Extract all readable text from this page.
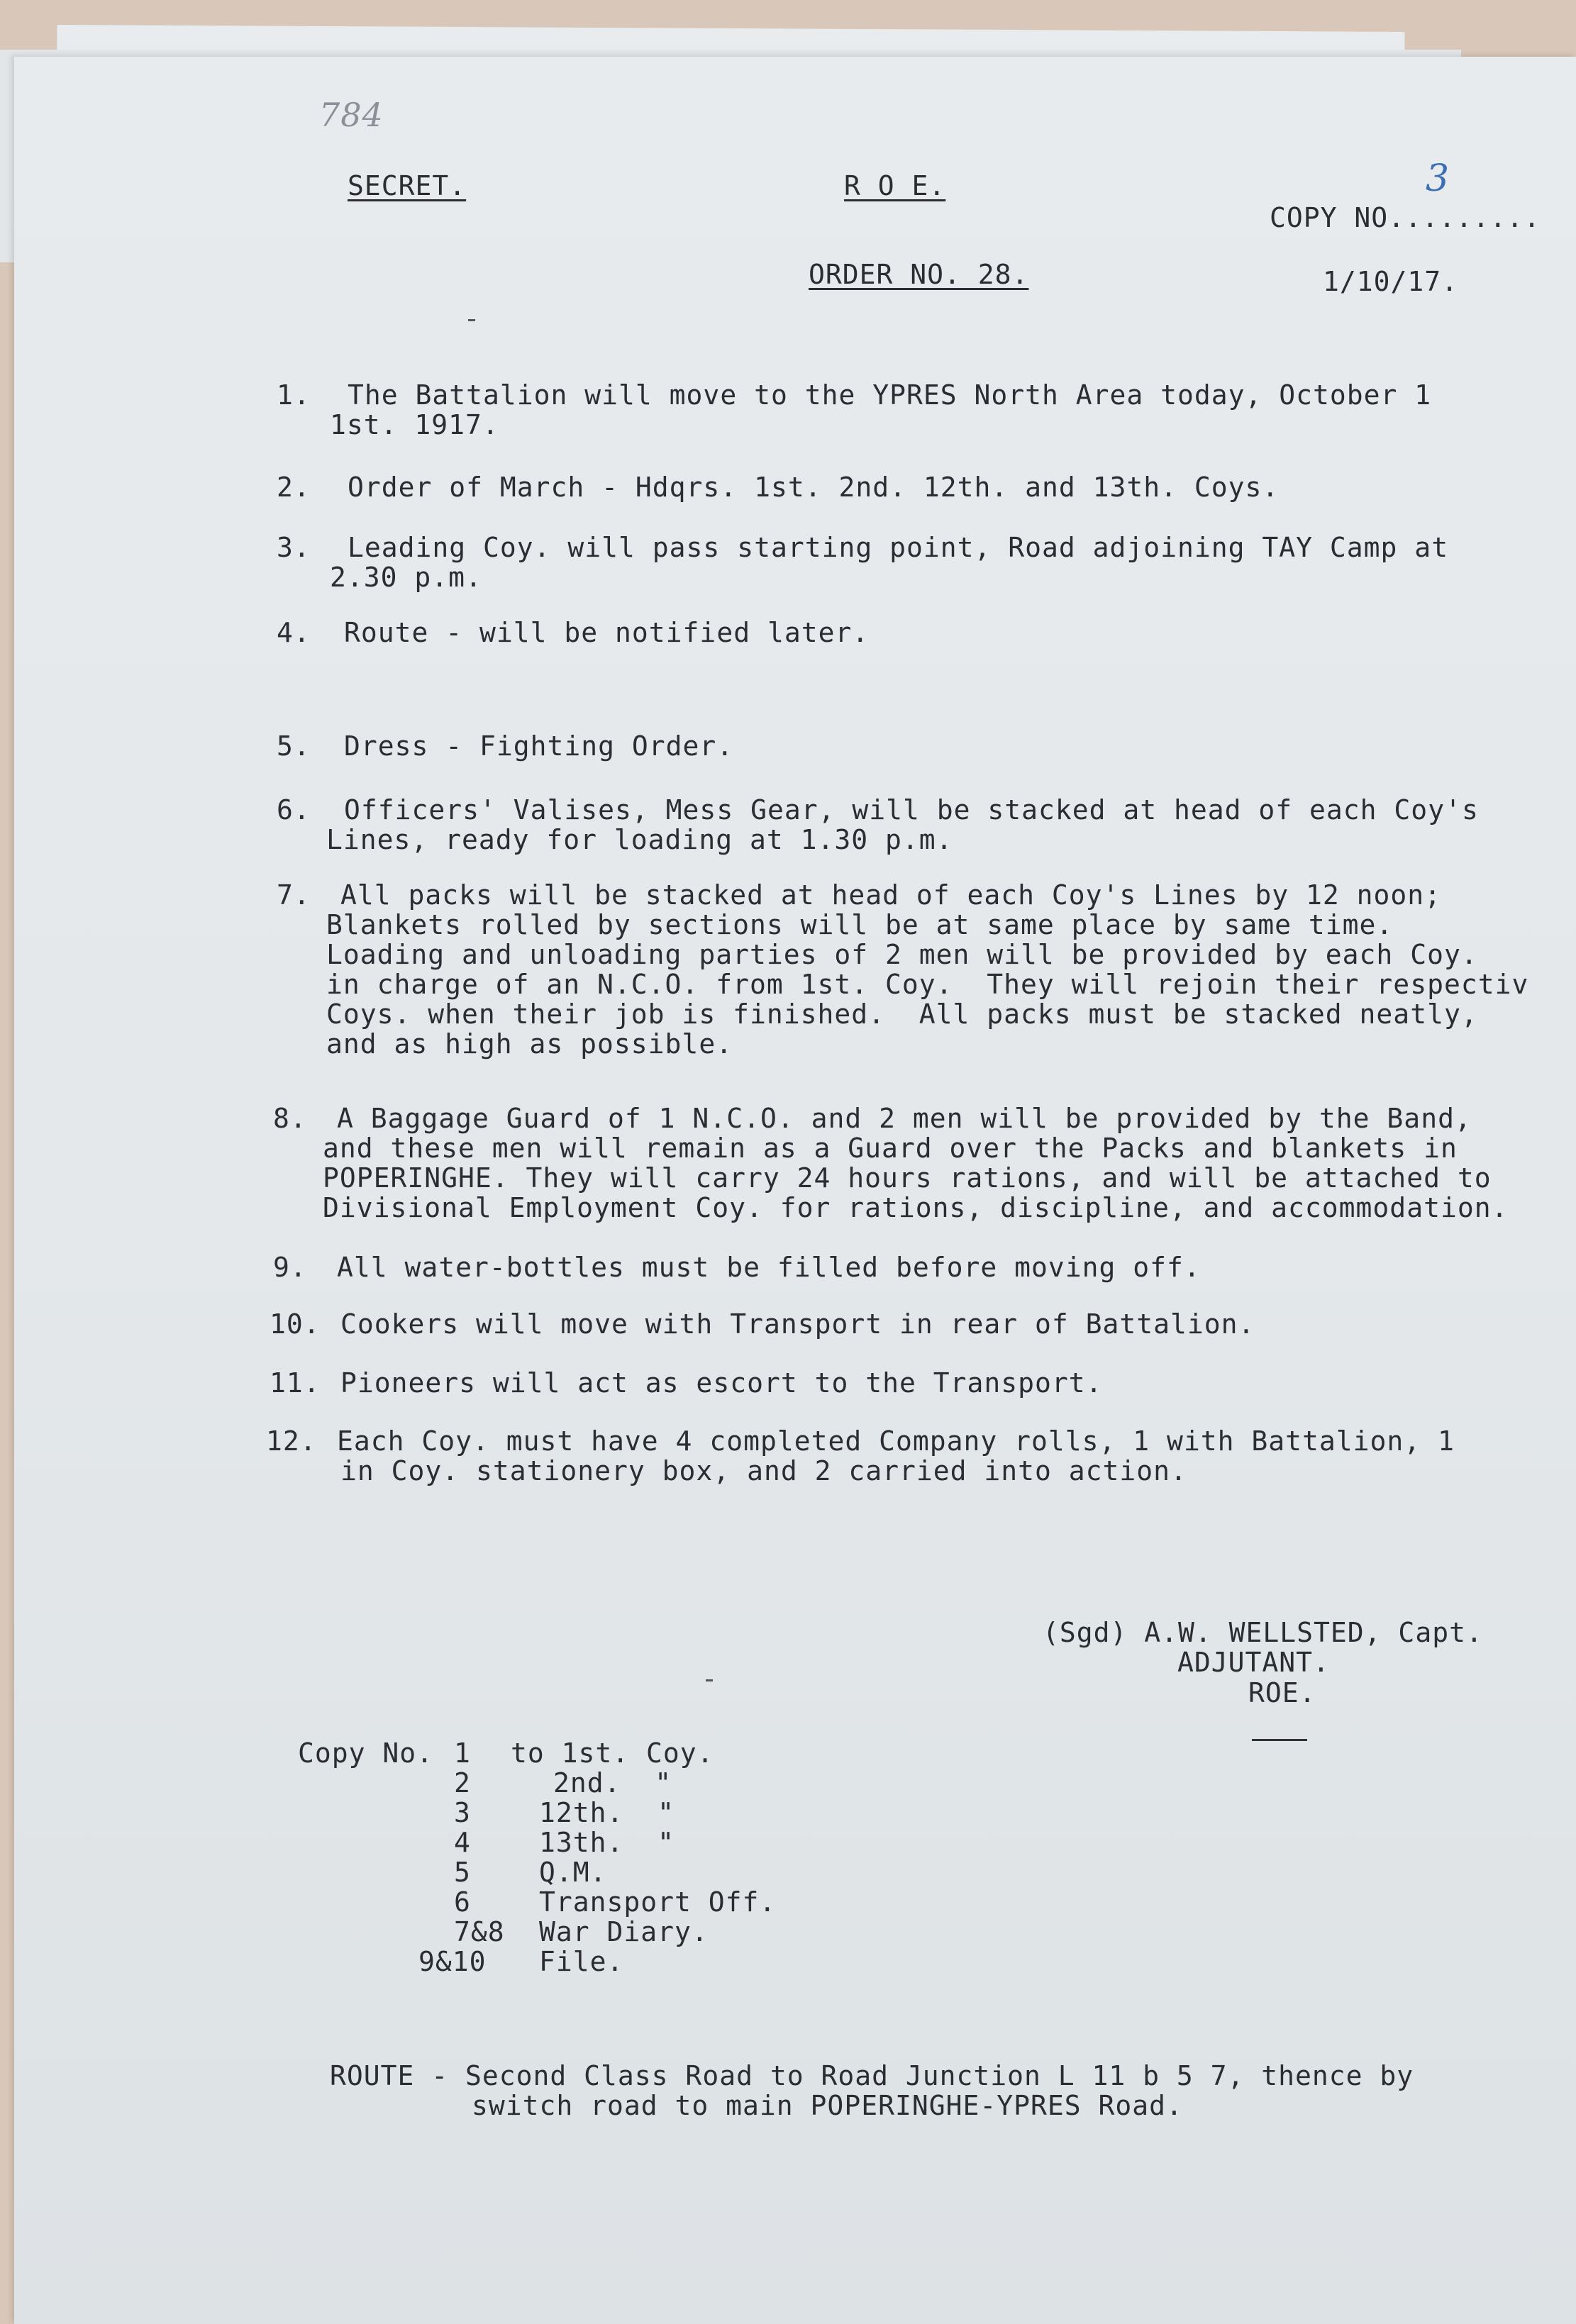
784
SECRET.	R O E.
COPY NO.........
3
ORDER NO. 28.	1/10/17.
1. The Battalion will move to the YPRES North Area today, October 1
1st. 1917.
2. Order of March - Hdqrs. 1st. 2nd. 12th. and 13th. Coys.
3. Leading Coy. will pass starting point, Road adjoining TAY Camp at
2.30 p.m.
4. Route - will be notified later.
5. Dress - Fighting Order.
6. Officers' Valises, Mess Gear, will be stacked at head of each Coy's
Lines, ready for loading at 1.30 p.m.
7. All packs will be stacked at head of each Coy's Lines by 12 noon;
Blankets rolled by sections will be at same place by same time.
Loading and unloading parties of 2 men will be provided by each Coy.
in charge of an N.C.O. from 1st. Coy.  They will rejoin their respectiv
Coys. when their job is finished.  All packs must be stacked neatly,
and as high as possible.
8. A Baggage Guard of 1 N.C.O. and 2 men will be provided by the Band,
and these men will remain as a Guard over the Packs and blankets in
POPERINGHE. They will carry 24 hours rations, and will be attached to
Divisional Employment Coy. for rations, discipline, and accommodation.
9. All water-bottles must be filled before moving off.
10. Cookers will move with Transport in rear of Battalion.
11. Pioneers will act as escort to the Transport.
12. Each Coy. must have 4 completed Company rolls, 1 with Battalion, 1
in Coy. stationery box, and 2 carried into action.
(Sgd) A.W. WELLSTED, Capt.
ADJUTANT.
ROE.
Copy No. 1 to 1st. Coy.
2	2nd.  "
3	12th.  "
4	13th.  "
5	Q.M.
6	Transport Off.
7&8 War Diary.
9&10 File.
ROUTE - Second Class Road to Road Junction L 11 b 5 7, thence by
switch road to main POPERINGHE-YPRES Road.
